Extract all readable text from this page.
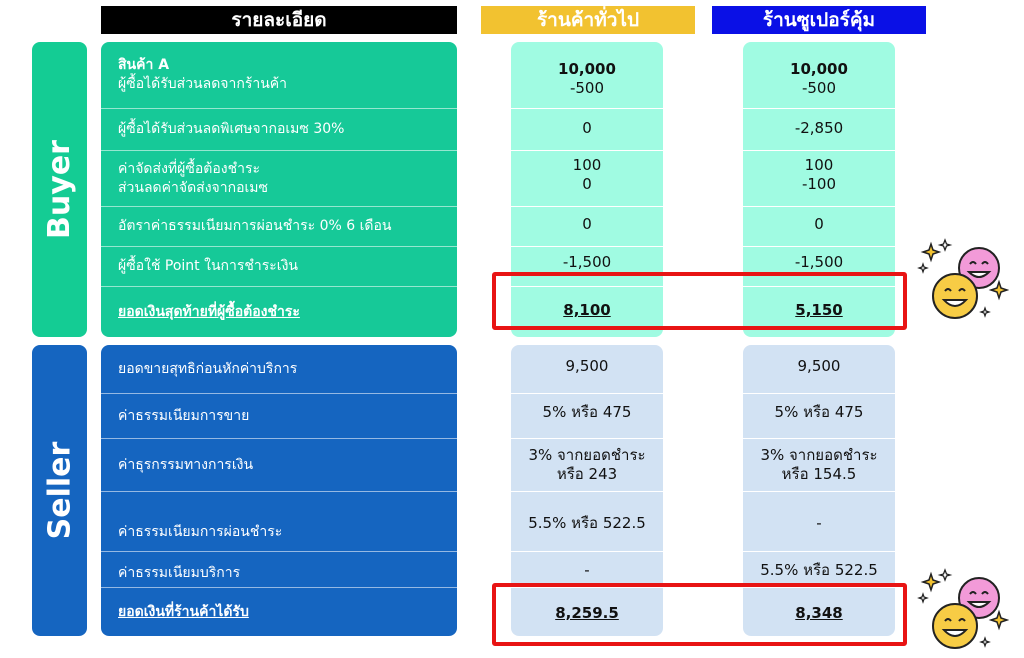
รายละเอียด	ร้านค้าทั่วไป	ร้านซูเปอร์คุ้ม
Buyer
Seller
สินค้า A
ผู้ซื้อได้รับส่วนลดจากร้านค้า
ผู้ซื้อได้รับส่วนลดพิเศษจากอเมซ 30%
ค่าจัดส่งที่ผู้ซื้อต้องชำระ
ส่วนลดค่าจัดส่งจากอเมซ
อัตราค่าธรรมเนียมการผ่อนชำระ 0% 6 เดือน
ผู้ซื้อใช้ Point ในการชำระเงิน
ยอดเงินสุดท้ายที่ผู้ซื้อต้องชำระ
ยอดขายสุทธิก่อนหักค่าบริการ
ค่าธรรมเนียมการขาย
ค่าธุรกรรมทางการเงิน
ค่าธรรมเนียมการผ่อนชำระ
ค่าธรรมเนียมบริการ
ยอดเงินที่ร้านค้าได้รับ
10,000
-500
0
100
0
0
-1,500
8,100
10,000
-500
-2,850
100
-100
0
-1,500
5,150
9,500
5% หรือ 475
3% จากยอดชำระ
หรือ 243
5.5% หรือ 522.5
-
8,259.5
9,500
5% หรือ 475
3% จากยอดชำระ
หรือ 154.5
-
5.5% หรือ 522.5
8,348
